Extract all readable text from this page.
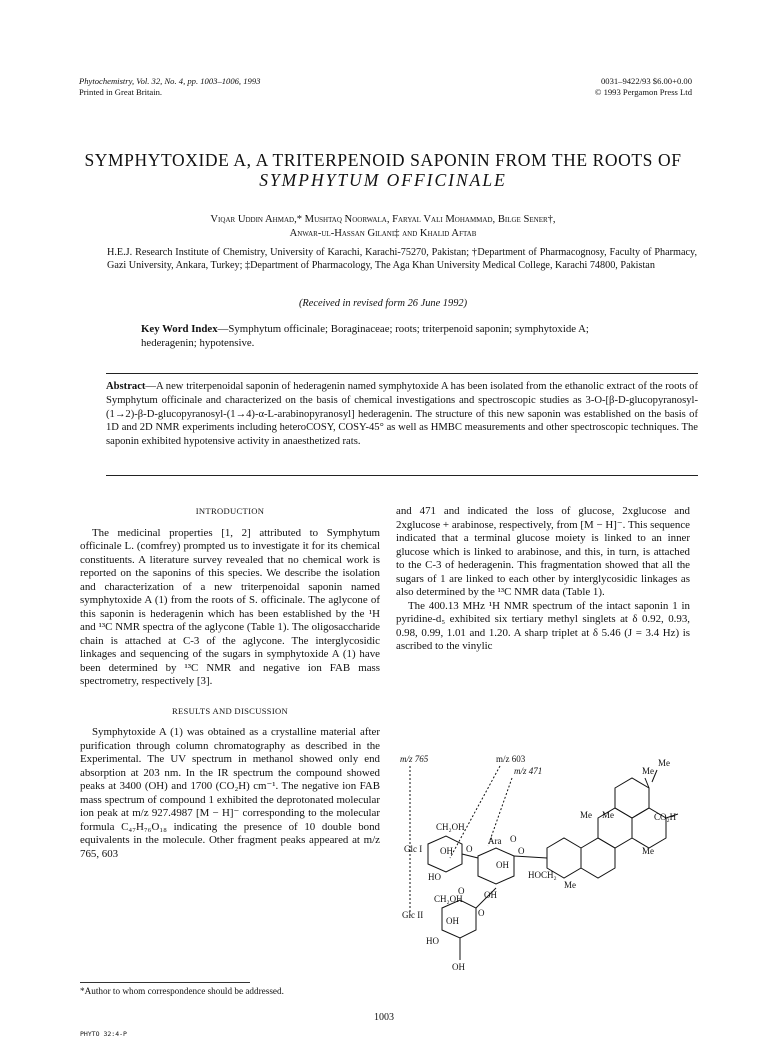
Phytochemistry, Vol. 32, No. 4, pp. 1003–1006, 1993
Printed in Great Britain.
0031–9422/93 $6.00+0.00
© 1993 Pergamon Press Ltd
SYMPHYTOXIDE A, A TRITERPENOID SAPONIN FROM THE ROOTS OF
SYMPHYTUM OFFICINALE
Viqar Uddin Ahmad,* Mushtaq Noorwala, Faryal Vali Mohammad, Bilge Sener†,
Anwar-ul-Hassan Gilani‡ and Khalid Aftab
H.E.J. Research Institute of Chemistry, University of Karachi, Karachi-75270, Pakistan; †Department of Pharmacognosy, Faculty of Pharmacy, Gazi University, Ankara, Turkey; ‡Department of Pharmacology, The Aga Khan University Medical College, Karachi 74800, Pakistan
(Received in revised form 26 June 1992)
Key Word Index—Symphytum officinale; Boraginaceae; roots; triterpenoid saponin; symphytoxide A; hederagenin; hypotensive.
Abstract—A new triterpenoidal saponin of hederagenin named symphytoxide A has been isolated from the ethanolic extract of the roots of Symphytum officinale and characterized on the basis of chemical investigations and spectroscopic studies as 3-O-[β-D-glucopyranosyl-(1→2)-β-D-glucopyranosyl-(1→4)-α-L-arabinopyranosyl] hederagenin. The structure of this new saponin was established on the basis of 1D and 2D NMR experiments including heteroCOSY, COSY-45° as well as HMBC measurements and other spectroscopic techniques. The saponin exhibited hypotensive activity in anaesthetized rats.
INTRODUCTION

The medicinal properties [1, 2] attributed to Symphytum officinale L. (comfrey) prompted us to investigate it for its chemical constituents. A literature survey revealed that no chemical work is reported on the saponins of this species. We describe the isolation and characterization of a new triterpenoidal saponin named symphytoxide A (1) from the roots of S. officinale. The aglycone of this saponin is hederagenin which has been established by the ¹H and ¹³C NMR spectra of the aglycone (Table 1). The oligosaccharide chain is attached at C-3 of the aglycone. The interglycosidic linkages and sequencing of the sugars in symphytoxide A (1) have been determined by ¹³C NMR and negative ion FAB mass spectrometry, respectively [3].

RESULTS AND DISCUSSION

Symphytoxide A (1) was obtained as a crystalline material after purification through column chromatography as described in the Experimental. The UV spectrum in methanol showed only end absorption at 203 nm. In the IR spectrum the compound showed peaks at 3400 (OH) and 1700 (CO₂H) cm⁻¹. The negative ion FAB mass spectrum of compound 1 exhibited the deprotonated molecular ion peak at m/z 927.4987 [M − H]⁻ corresponding to the molecular formula C₄₇H₇₆O₁₈ indicating the presence of 10 double bond equivalents in the molecule. Other fragment peaks appeared at m/z 765, 603

and 471 and indicated the loss of glucose, 2xglucose and 2xglucose + arabinose, respectively, from [M − H]⁻. This sequence indicated that a terminal glucose moiety is linked to an inner glucose which is linked to arabinose, and this, in turn, is attached to the C-3 of hederagenin. This fragmentation showed that all the sugars of 1 are linked to each other by interglycosidic linkages as also determined by the ¹³C NMR data (Table 1).

The 400.13 MHz ¹H NMR spectrum of the intact saponin 1 in pyridine-d₅ exhibited six tertiary methyl singlets at δ 0.92, 0.93, 0.98, 0.99, 1.01 and 1.20. A sharp triplet at δ 5.46 (J = 3.4 Hz) is ascribed to the vinylic

m/z 603
m/z 471
m/z 765
Me
Me
Me Me
Me
CO₂H
CH₂OH
HOCH₂
Me
Glc I
Ara
O
O
O
OH
OH
HO
OH
O
CH₂OH
Glc II	O
OH
HO
OH
*Author to whom correspondence should be addressed.
1003
PHYTO 32:4-P
